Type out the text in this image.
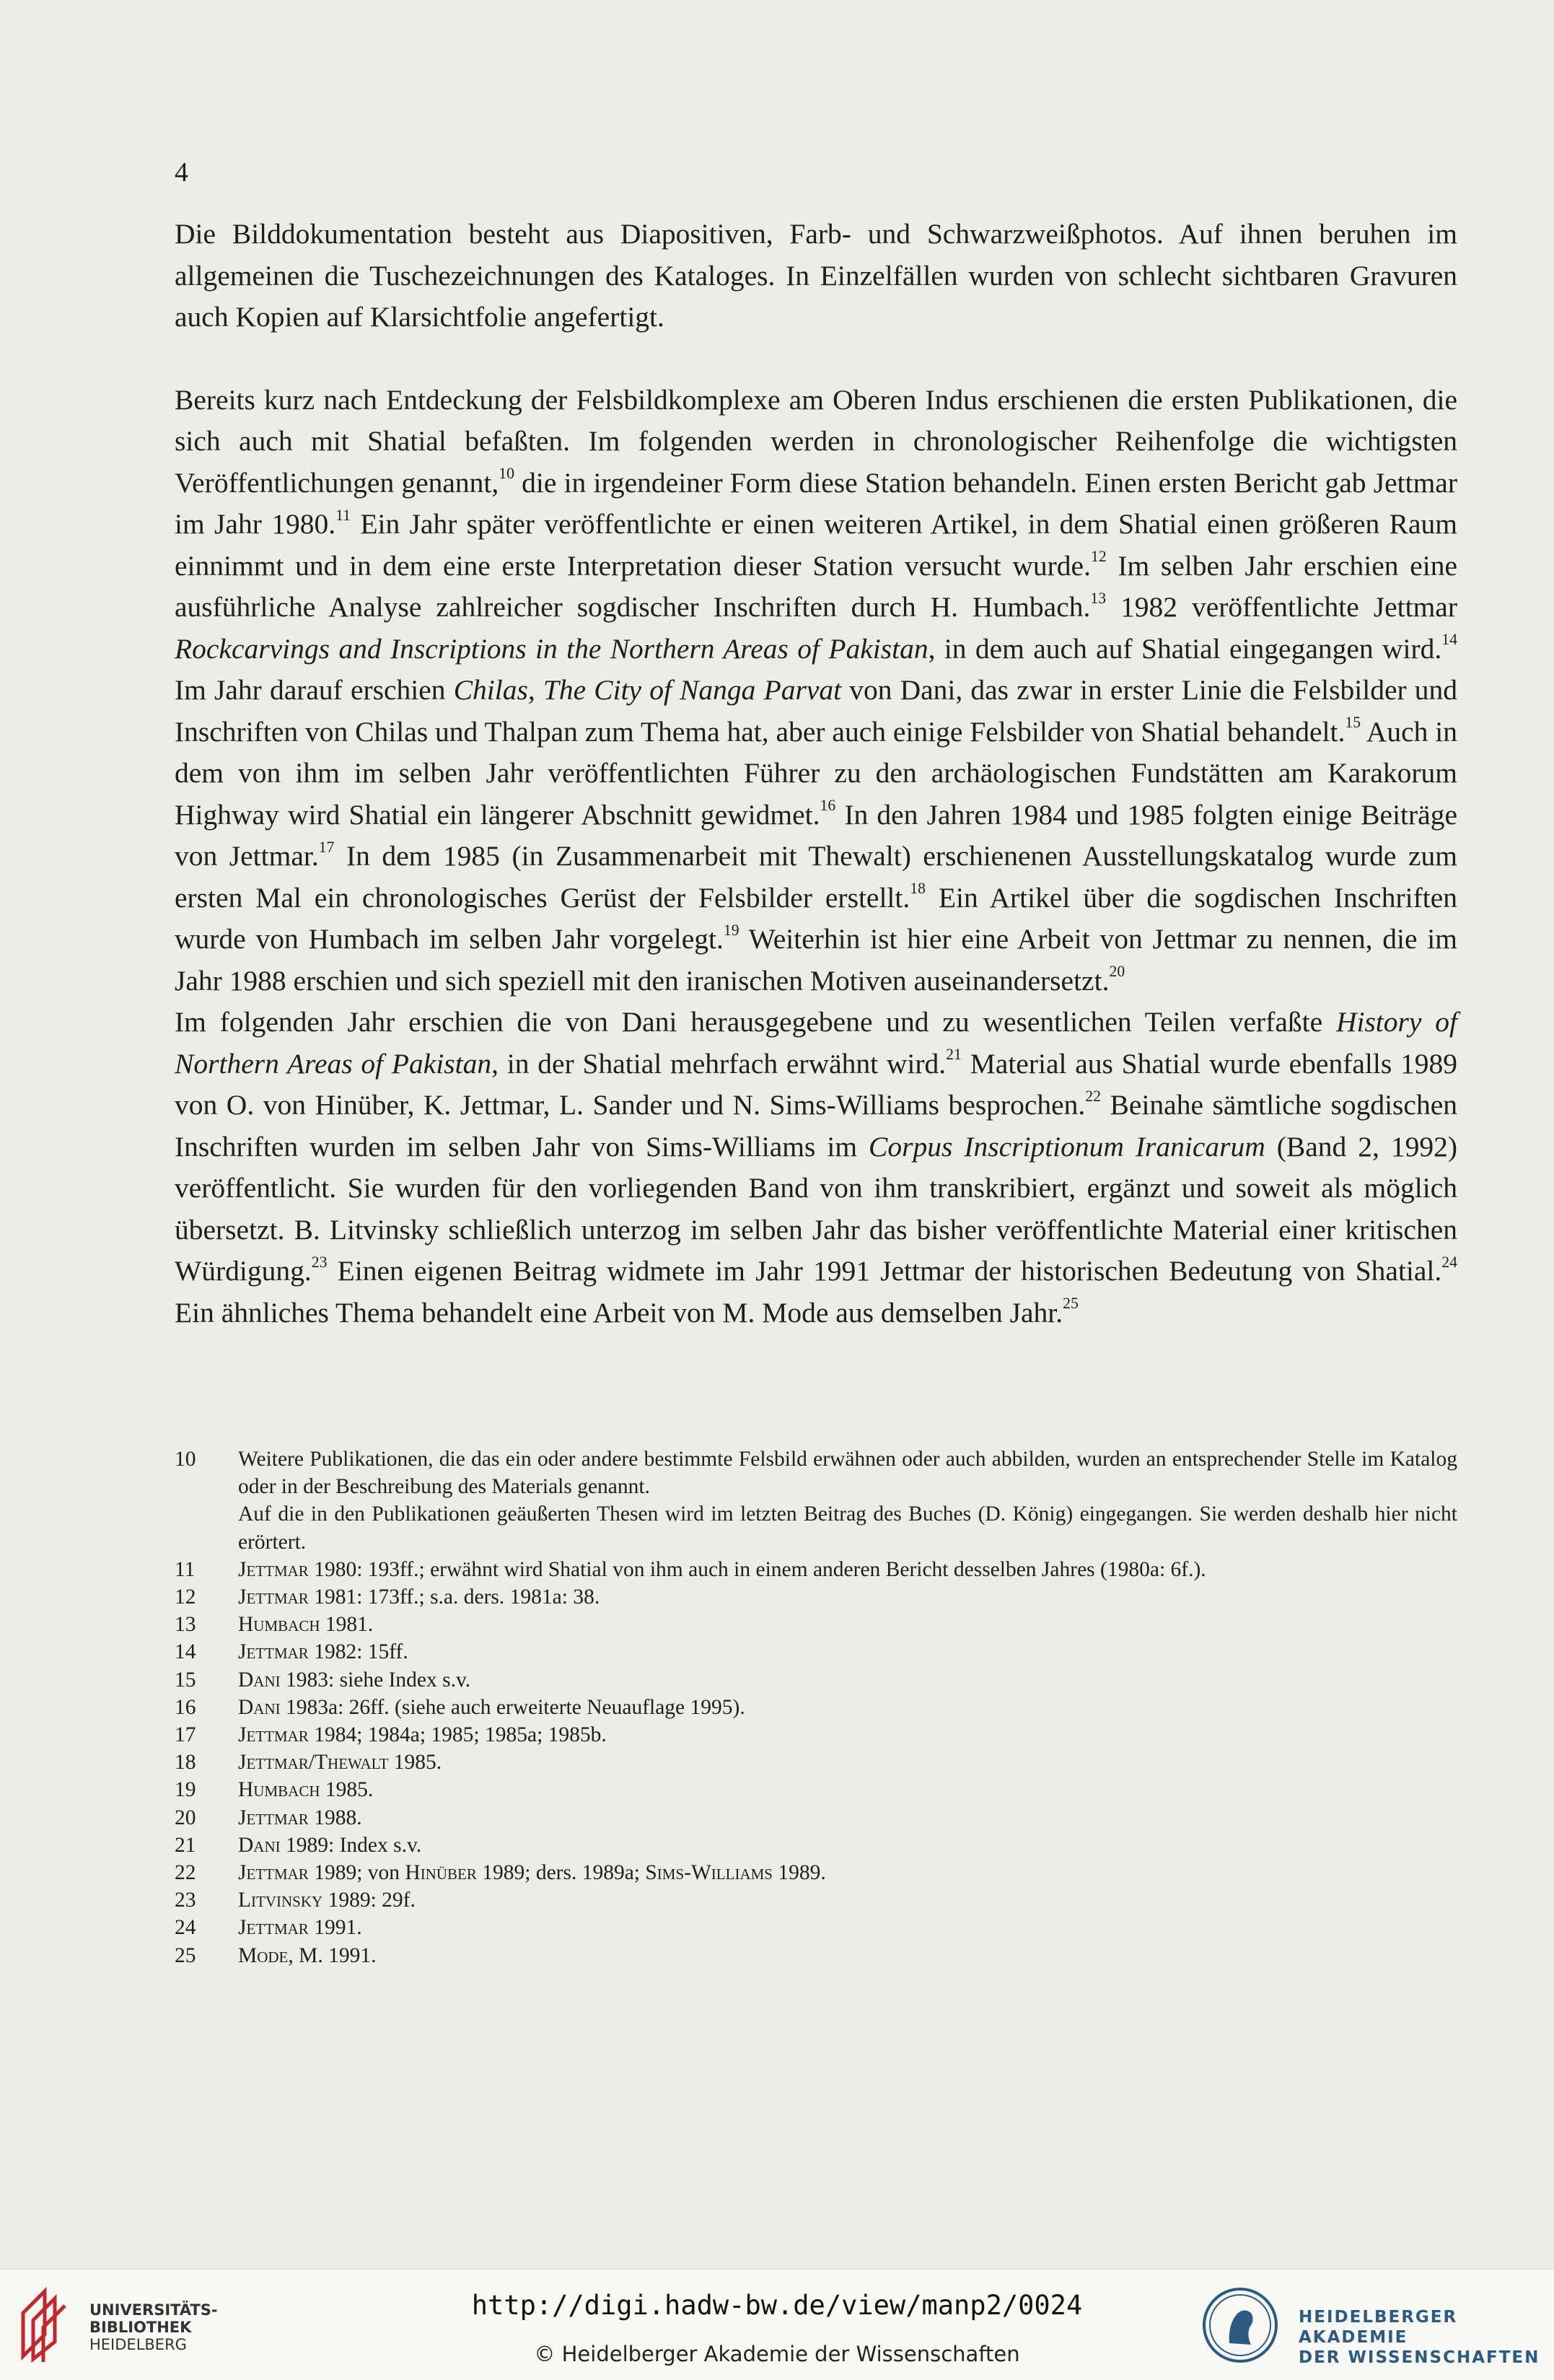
4

Die Bilddokumentation besteht aus Diapositiven, Farb- und Schwarzweißphotos. Auf ihnen beruhen im allgemeinen die Tuschezeichnungen des Kataloges. In Einzelfällen wurden von schlecht sichtbaren Gravuren auch Kopien auf Klarsichtfolie angefertigt.

Bereits kurz nach Entdeckung der Felsbildkomplexe am Oberen Indus erschienen die ersten Publikationen, die sich auch mit Shatial befaßten. Im folgenden werden in chronologischer Reihenfolge die wichtigsten Veröffentlichungen genannt,$^{10}$ die in irgendeiner Form diese Station behandeln. Einen ersten Bericht gab Jettmar im Jahr 1980.11 Ein Jahr später veröffentlichte er einen weiteren Artikel, in dem Shatial einen größeren Raum einnimmt und in dem eine erste Interpretation dieser Station versucht wurde.$^{12}$ Im selben Jahr erschien eine ausführliche Analyse zahlreicher sogdischer Inschriften durch H. Humbach.$^{13}$ 1982 veröffentlichte Jettmar Rockcarvings and Inscriptions in the Northern Areas of Pakistan, in dem auch auf Shatial eingegangen wird.$^{14}$ Im Jahr darauf erschien Chilas, The City of Nanga Parvat von Dani, das zwar in erster Linie die Felsbilder und Inschriften von Chilas und Thalpan zum Thema hat, aber auch einige Felsbilder von Shatial behandelt.$^{15}$ Auch in dem von ihm im selben Jahr veröffentlichten Führer zu den archäologischen Fundstätten am Karakorum Highway wird Shatial ein längerer Abschnitt gewidmet.$^{16}$ In den Jahren 1984 und 1985 folgten einige Beiträge von Jettmar.$^{17}$ In dem 1985 (in Zusammenarbeit mit Thewalt) erschienenen Ausstellungskatalog wurde zum ersten Mal ein chronologisches Gerüst der Felsbilder erstellt.$^{18}$ Ein Artikel über die sogdischen Inschriften wurde von Humbach im selben Jahr vorgelegt.$^{19}$ Weiterhin ist hier eine Arbeit von Jettmar zu nennen, die im Jahr 1988 erschien und sich speziell mit den iranischen Motiven auseinandersetzt.$^{20}$

Im folgenden Jahr erschien die von Dani herausgegebene und zu wesentlichen Teilen verfaßte History of Northern Areas of Pakistan, in der Shatial mehrfach erwähnt wird.$^{21}$ Material aus Shatial wurde ebenfalls 1989 von O. von Hinüber, K. Jettmar, L. Sander und N. Sims-Williams besprochen.$^{22}$ Beinahe sämtliche sogdischen Inschriften wurden im selben Jahr von Sims-Williams im Corpus Inscriptionum Iranicarum (Band 2, 1992) veröffentlicht. Sie wurden für den vorliegenden Band von ihm transkribiert, ergänzt und soweit als möglich übersetzt. B. Litvinsky schließlich unterzog im selben Jahr das bisher veröffentlichte Material einer kritischen Würdigung.$^{23}$ Einen eigenen Beitrag widmete im Jahr 1991 Jettmar der historischen Bedeutung von Shatial.$^{24}$ Ein ähnliches Thema behandelt eine Arbeit von M. Mode aus demselben Jahr.$^{25}$

10	Weitere Publikationen, die das ein oder andere bestimmte Felsbild erwähnen oder auch abbilden, wurden an entsprechender Stelle im Katalog oder in der Beschreibung des Materials genannt.

Auf die in den Publikationen geäußerten Thesen wird im letzten Beitrag des Buches (D. König) eingegangen. Sie werden deshalb hier nicht erörtert.

11	Jettmar 1980: 193ff.; erwähnt wird Shatial von ihm auch in einem anderen Bericht desselben Jahres (1980a: 6f.).

12	Jettmar 1981: 173ff.; s.a. ders. 1981a: 38.

13	Humbach 1981.

14	Jettmar 1982: 15ff.

15	Dani 1983: siehe Index s.v.

16	Dani 1983a: 26ff. (siehe auch erweiterte Neuauflage 1995).

17	Jettmar 1984; 1984a; 1985; 1985a; 1985b.

18	Jettmar/Thewalt 1985.

19	Humbach 1985.

20	Jettmar 1988.

21	Dani 1989: Index s.v.

22	Jettmar 1989; von Hinüber 1989; ders. 1989a; Sims-Williams 1989.

23	Litvinsky 1989: 29f.

24	Jettmar 1991.

25	Mode, M. 1991.

UNIVERSITÄTS-
BIBLIOTHEK
HEIDELBERG
http://digi.hadw-bw.de/view/manp2/0024
© Heidelberger Akademie der Wissenschaften
HEIDELBERGER AKADEMIE
DER WISSENSCHAFTEN
